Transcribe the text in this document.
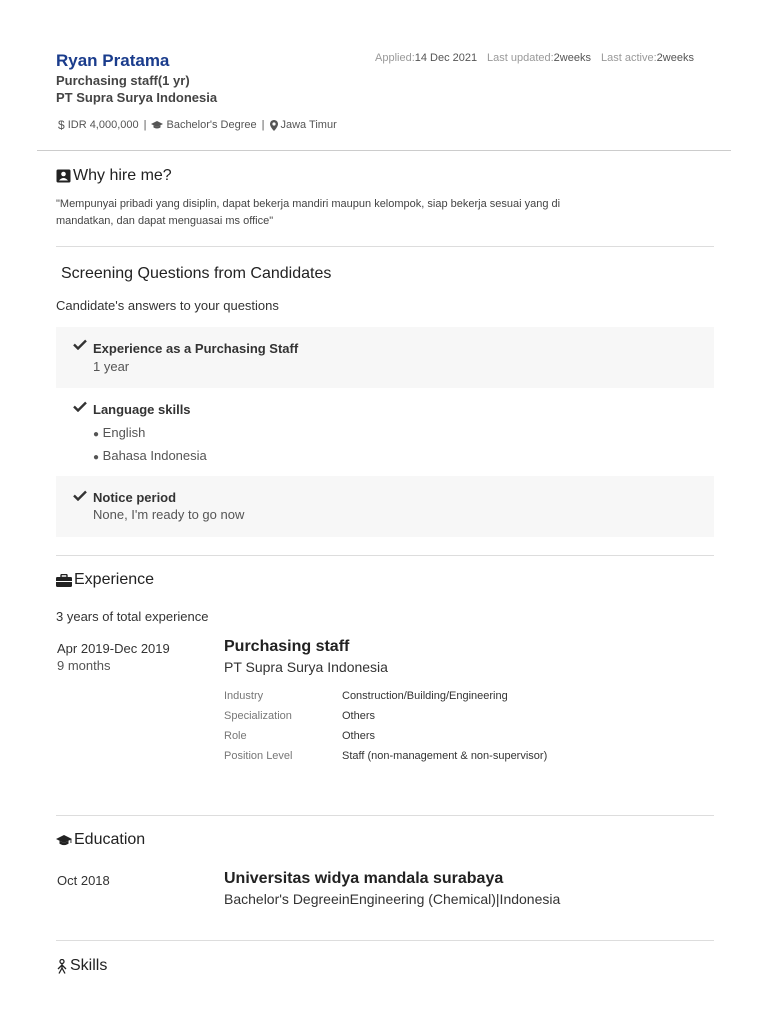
Ryan Pratama
Purchasing staff(1 yr)
PT Supra Surya Indonesia
Applied:14 Dec 2021 Last updated:2weeks Last active:2weeks
$ IDR 4,000,000 | Bachelor's Degree | Jawa Timur
Why hire me?
"Mempunyai pribadi yang disiplin, dapat bekerja mandiri maupun kelompok, siap bekerja sesuai yang di mandatkan, dan dapat menguasai ms office"
Screening Questions from Candidates
Candidate's answers to your questions
Experience as a Purchasing Staff
1 year
Language skills
● English
● Bahasa Indonesia
Notice period
None, I'm ready to go now
Experience
3 years of total experience
Apr 2019-Dec 2019
9 months
Purchasing staff
PT Supra Surya Indonesia
Industry	Construction/Building/Engineering
Specialization	Others
Role	Others
Position Level	Staff (non-management & non-supervisor)
Education
Oct 2018	Universitas widya mandala surabaya
Bachelor's DegreeinEngineering (Chemical)|Indonesia
Skills
